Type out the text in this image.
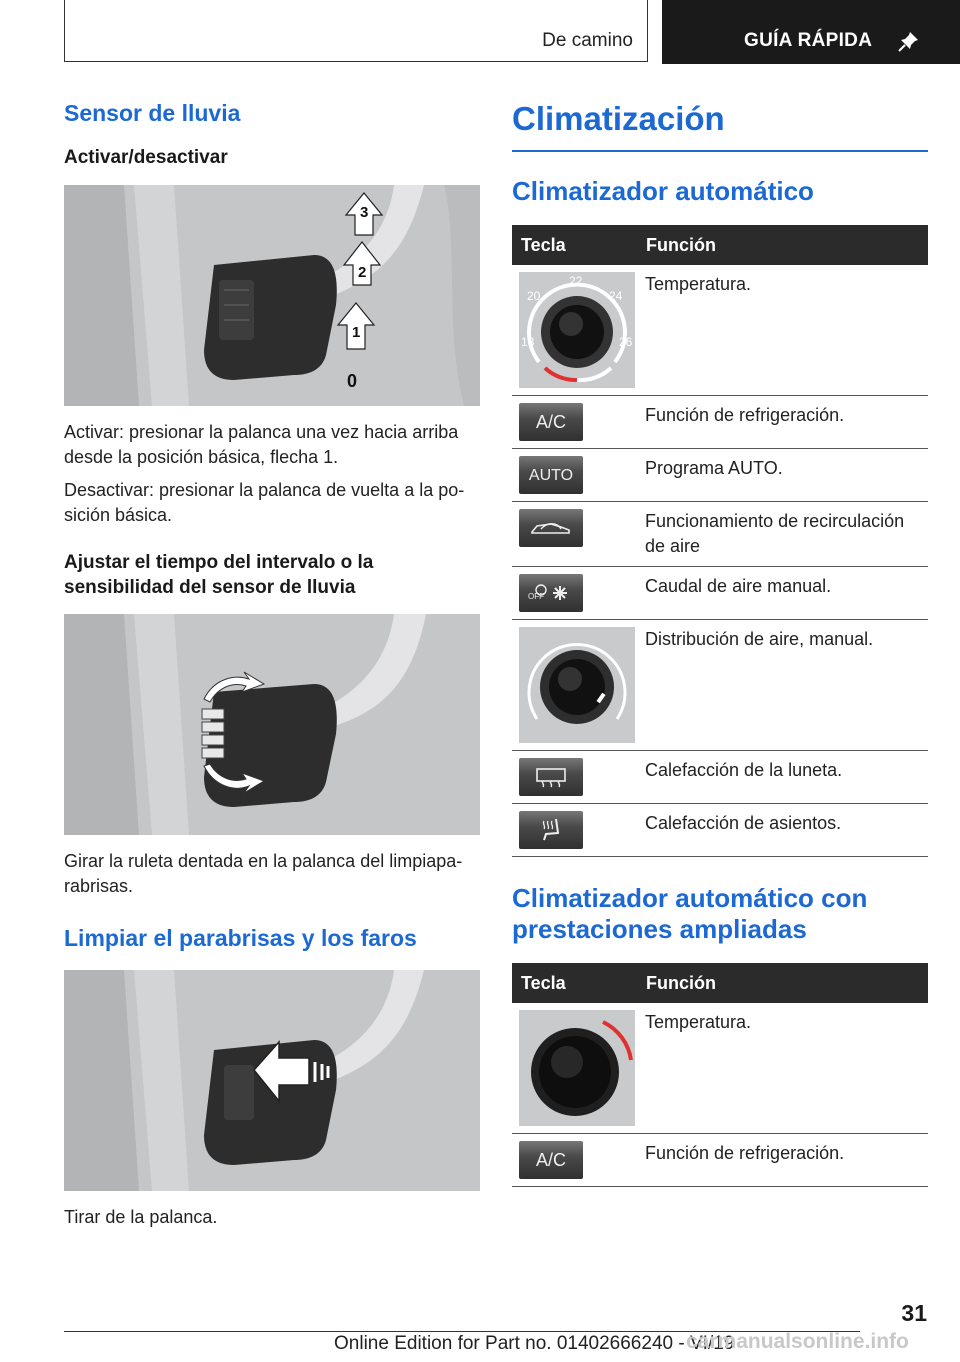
De camino	GUÍA RÁPIDA
Sensor de lluvia
Activar/desactivar
3
2
1
0

Activar: presionar la palanca una vez hacia arriba desde la posición básica, flecha 1.

Desactivar: presionar la palanca de vuelta a la po-sición básica.

Ajustar el tiempo del intervalo o la sensibilidad del sensor de lluvia

Girar la ruleta dentada en la palanca del limpiapa-rabrisas.

Limpiar el parabrisas y los faros

Tirar de la palanca.

Climatización
Climatizador automático
Tecla	Función

22
20 24
18 26	Temperatura.

A/C	Función de refrigeración.

AUTO	Programa AUTO.

	Funcionamiento de recirculación de aire

OFF	Caudal de aire manual.

	Distribución de aire, manual.

	Calefacción de la luneta.

	Calefacción de asientos.
Climatizador automático con prestaciones ampliadas
Tecla	Función

	Temperatura.

A/C	Función de refrigeración.
31
Online Edition for Part no. 01402666240 - VI/19
carmanualsonline.info
